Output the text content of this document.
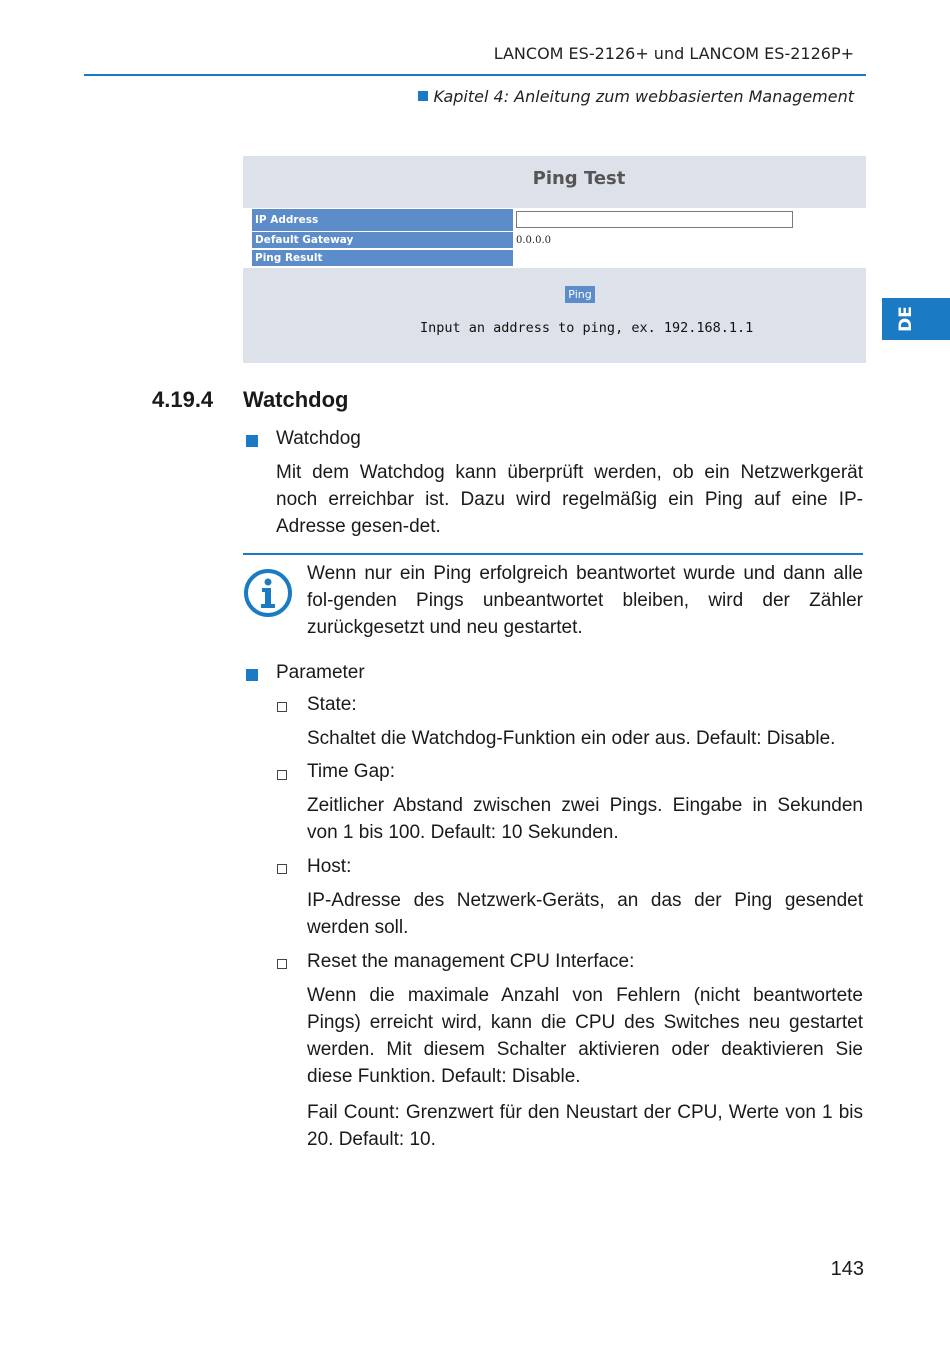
LANCOM ES-2126+ und LANCOM ES-2126P+
Kapitel 4: Anleitung zum webbasierten Management
DE
Ping Test
IP Address
Default Gateway	0.0.0.0
Ping Result
Ping
Input an address to ping, ex. 192.168.1.1
4.19.4 Watchdog
Watchdog
Mit dem Watchdog kann überprüft werden, ob ein Netzwerkgerät noch erreichbar ist. Dazu wird regelmäßig ein Ping auf eine IP-Adresse gesen-det.
Wenn nur ein Ping erfolgreich beantwortet wurde und dann alle fol-genden Pings unbeantwortet bleiben, wird der Zähler zurückgesetzt und neu gestartet.
Parameter
State:
Schaltet die Watchdog-Funktion ein oder aus. Default: Disable.
Time Gap:
Zeitlicher Abstand zwischen zwei Pings. Eingabe in Sekunden von 1 bis 100. Default: 10 Sekunden.
Host:
IP-Adresse des Netzwerk-Geräts, an das der Ping gesendet werden soll.
Reset the management CPU Interface:
Wenn die maximale Anzahl von Fehlern (nicht beantwortete Pings) erreicht wird, kann die CPU des Switches neu gestartet werden. Mit diesem Schalter aktivieren oder deaktivieren Sie diese Funktion. Default: Disable.
Fail Count: Grenzwert für den Neustart der CPU, Werte von 1 bis 20. Default: 10.
143
